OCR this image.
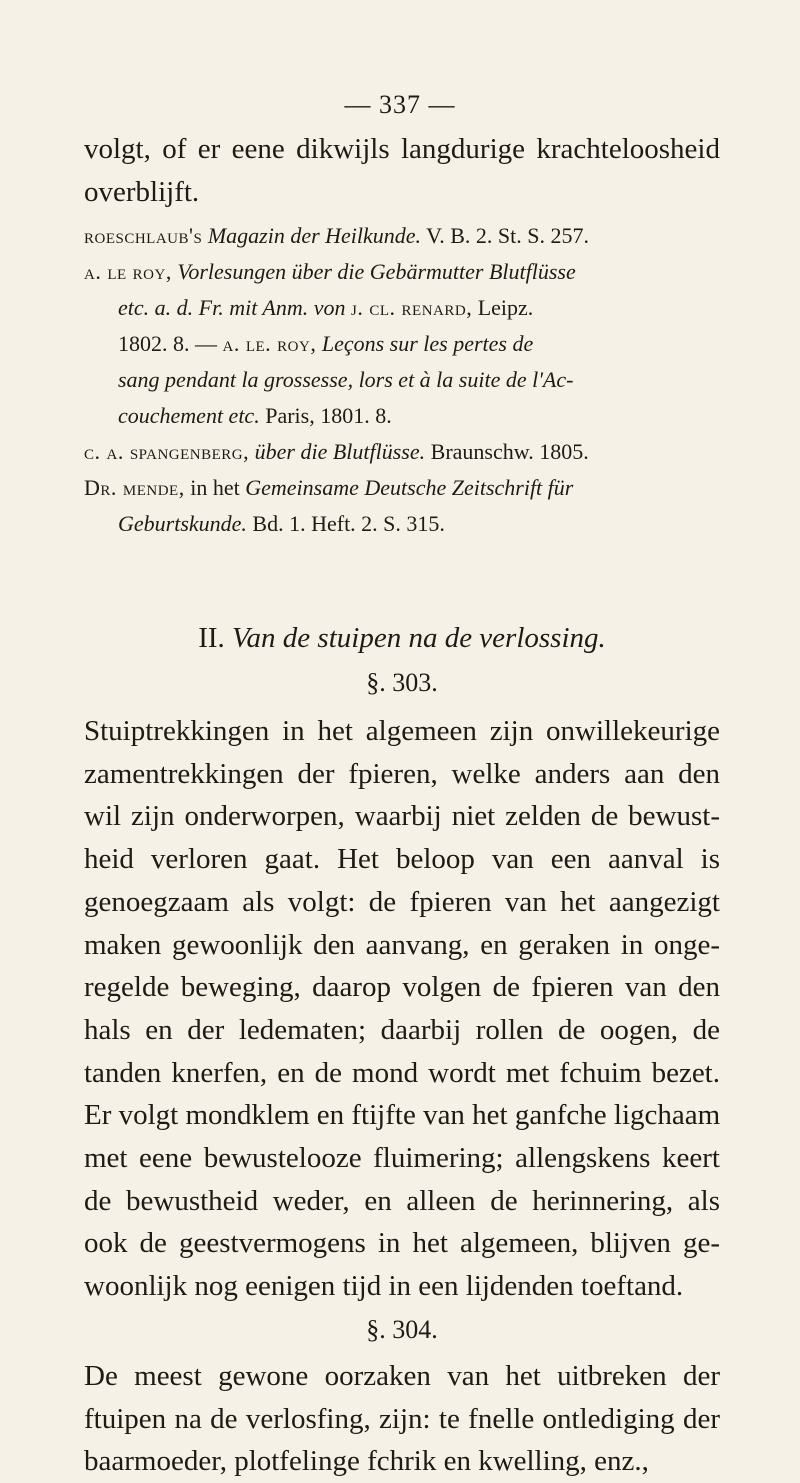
— 337 —
volgt, of er eene dikwijls langdurige krachteloosheid
overblijft.

roeschlaub's Magazin der Heilkunde. V. B. 2. St. S. 257.

a. le roy, Vorlesungen über die Gebärmutter Blutflüsse
etc. a. d. Fr. mit Anm. von j. cl. renard, Leipz.
1802. 8. — a. le. roy, Leçons sur les pertes de
sang pendant la grossesse, lors et à la suite de l'Ac-
couchement etc. Paris, 1801. 8.

c. a. spangenberg, über die Blutflüsse. Braunschw. 1805.

Dr. mende, in het Gemeinsame Deutsche Zeitschrift für
Geburtskunde. Bd. 1. Heft. 2. S. 315.

II. Van de stuipen na de verlossing.
§. 303.
Stuiptrekkingen in het algemeen zijn onwillekeurige
zamentrekkingen der fpieren, welke anders aan den
wil zijn onderworpen, waarbij niet zelden de bewust-
heid verloren gaat. Het beloop van een aanval is
genoegzaam als volgt: de fpieren van het aangezigt
maken gewoonlijk den aanvang, en geraken in onge-
regelde beweging, daarop volgen de fpieren van den
hals en der ledematen; daarbij rollen de oogen, de
tanden knerfen, en de mond wordt met fchuim bezet.
Er volgt mondklem en ftijfte van het ganfche ligchaam
met eene bewustelooze fluimering; allengskens keert
de bewustheid weder, en alleen de herinnering, als
ook de geestvermogens in het algemeen, blijven ge-
woonlijk nog eenigen tijd in een lijdenden toeftand.
§. 304.
De meest gewone oorzaken van het uitbreken der
ftuipen na de verlosfing, zijn: te fnelle ontlediging der
baarmoeder, plotfelinge fchrik en kwelling, enz.,
